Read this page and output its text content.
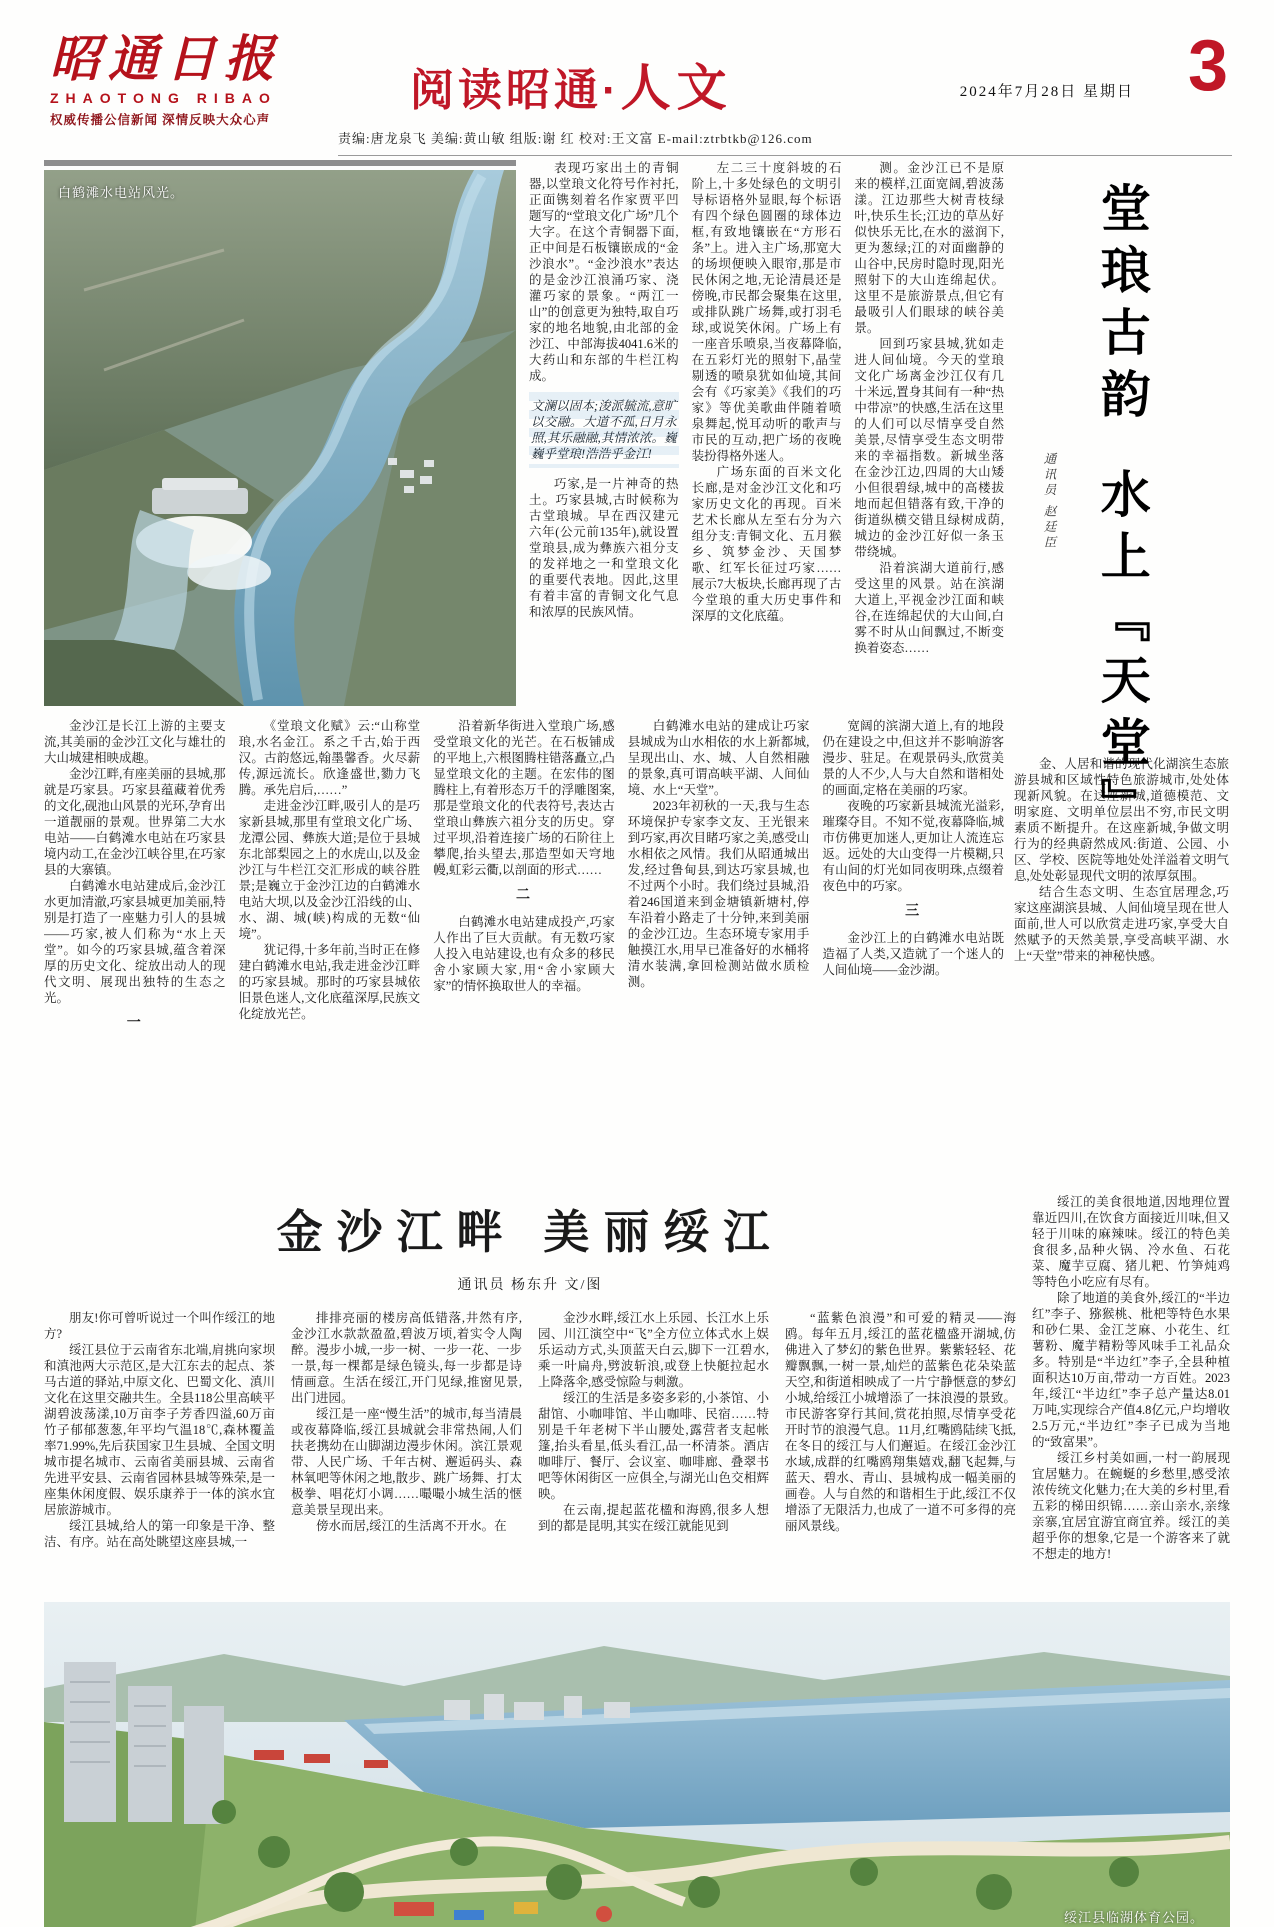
昭通日报
ZHAOTONG RIBAO
权威传播公信新闻 深情反映大众心声
阅读昭通·人文	2024年7月28日 星期日 3
责编:唐龙泉飞 美编:黄山敏 组版:谢 红 校对:王文富 E-mail:ztrbtkb@126.com
白鹤滩水电站风光。

表现巧家出土的青铜器,以堂琅文化符号作衬托,正面镌刻着名作家贾平凹题写的“堂琅文化广场”几个大字。在这个青铜器下面,正中间是石板镶嵌成的“金沙浪水”。“金沙浪水”表达的是金沙江浪涌巧家、浇灌巧家的景象。“两江一山”的创意更为独特,取自巧家的地名地貌,由北部的金沙江、中部海拔4041.6米的大药山和东部的牛栏江构成。

文澜以固本;浚派毓流,意旷以交融。大道不孤,日月永照,其乐融融,其情浓浓。巍巍乎堂琅!浩浩乎金江!

巧家,是一片神奇的热土。巧家县城,古时候称为古堂琅城。早在西汉建元六年(公元前135年),就设置堂琅县,成为彝族六祖分支的发祥地之一和堂琅文化的重要代表地。因此,这里有着丰富的青铜文化气息和浓厚的民族风情。

左二三十度斜坡的石阶上,十多处绿色的文明引导标语格外显眼,每个标语有四个绿色圆圈的球体边框,有致地镶嵌在“方形石条”上。进入主广场,那宽大的场坝便映入眼帘,那是市民休闲之地,无论清晨还是傍晚,市民都会聚集在这里,或排队跳广场舞,或打羽毛球,或说笑休闲。广场上有一座音乐喷泉,当夜幕降临,在五彩灯光的照射下,晶莹剔透的喷泉犹如仙境,其间会有《巧家美》《我们的巧家》等优美歌曲伴随着喷泉舞起,悦耳动听的歌声与市民的互动,把广场的夜晚装扮得格外迷人。

广场东面的百米文化长廊,是对金沙江文化和巧家历史文化的再现。百米艺术长廊从左至右分为六组分支:青铜文化、五月猴乡、筑梦金沙、天国梦歌、红军长征过巧家……展示7大板块,长廊再现了古今堂琅的重大历史事件和深厚的文化底蕴。

测。金沙江已不是原来的模样,江面宽阔,碧波荡漾。江边那些大树青枝绿叶,快乐生长;江边的草丛好似快乐无比,在水的滋润下,更为葱绿;江的对面幽静的山谷中,民房时隐时现,阳光照射下的大山连绵起伏。这里不是旅游景点,但它有最吸引人们眼球的峡谷美景。

回到巧家县城,犹如走进人间仙境。今天的堂琅文化广场离金沙江仅有几十米远,置身其间有一种“热中带凉”的快感,生活在这里的人们可以尽情享受自然美景,尽情享受生态文明带来的幸福指数。新城坐落在金沙江边,四周的大山矮小但很碧绿,城中的高楼拔地而起但错落有致,干净的街道纵横交错且绿树成荫,城边的金沙江好似一条玉带绕城。

沿着滨湖大道前行,感受这里的风景。站在滨湖大道上,平视金沙江面和峡谷,在连绵起伏的大山间,白雾不时从山间飘过,不断变换着姿态……

金沙江是长江上游的主要支流,其美丽的金沙江文化与雄壮的大山城建相映成趣。

金沙江畔,有座美丽的县城,那就是巧家县。巧家县蕴藏着优秀的文化,砚池山风景的光环,孕育出一道靓丽的景观。世界第二大水电站——白鹤滩水电站在巧家县境内动工,在金沙江峡谷里,在巧家县的大寨镇。

白鹤滩水电站建成后,金沙江水更加清澈,巧家县城更加美丽,特别是打造了一座魅力引人的县城——巧家,被人们称为“水上天堂”。如今的巧家县城,蕴含着深厚的历史文化、绽放出动人的现代文明、展现出独特的生态之光。

一

《堂琅文化赋》云:“山称堂琅,水名金江。系之千古,始于西汉。古韵悠远,翰墨馨香。火尽薪传,源远流长。欣逢盛世,勠力飞腾。承先启后,……”

走进金沙江畔,吸引人的是巧家新县城,那里有堂琅文化广场、龙潭公园、彝族大道;是位于县城东北部梨园之上的水虎山,以及金沙江与牛栏江交汇形成的峡谷胜景;是巍立于金沙江边的白鹤滩水电站大坝,以及金沙江沿线的山、水、湖、城(峡)构成的无数“仙境”。

犹记得,十多年前,当时正在修建白鹤滩水电站,我走进金沙江畔的巧家县城。那时的巧家县城依旧景色迷人,文化底蕴深厚,民族文化绽放光芒。

沿着新华街进入堂琅广场,感受堂琅文化的光芒。在石板铺成的平地上,六根图腾柱错落矗立,凸显堂琅文化的主题。在宏伟的图腾柱上,有着形态万千的浮雕图案,那是堂琅文化的代表符号,表达古堂琅山彝族六祖分支的历史。穿过平坝,沿着连接广场的石阶往上攀爬,抬头望去,那造型如天穹地幔,虹彩云衢,以剖面的形式……

二

白鹤滩水电站建成投产,巧家人作出了巨大贡献。有无数巧家人投入电站建设,也有众多的移民舍小家顾大家,用“舍小家顾大家”的情怀换取世人的幸福。

白鹤滩水电站的建成让巧家县城成为山水相依的水上新都城,呈现出山、水、城、人自然相融的景象,真可谓高峡平湖、人间仙境、水上“天堂”。

2023年初秋的一天,我与生态环境保护专家李文友、王光银来到巧家,再次目睹巧家之美,感受山水相依之风情。我们从昭通城出发,经过鲁甸县,到达巧家县城,也不过两个小时。我们绕过县城,沿着246国道来到金塘镇新塘村,停车沿着小路走了十分钟,来到美丽的金沙江边。生态环境专家用手触摸江水,用早已准备好的水桶将清水装满,拿回检测站做水质检测。

宽阔的滨湖大道上,有的地段仍在建设之中,但这并不影响游客漫步、驻足。在观景码头,欣赏美景的人不少,人与大自然和谐相处的画面,定格在美丽的巧家。

夜晚的巧家新县城流光溢彩,璀璨夺目。不知不觉,夜幕降临,城市仿佛更加迷人,更加让人流连忘返。远处的大山变得一片模糊,只有山间的灯光如同夜明珠,点缀着夜色中的巧家。

三

金沙江上的白鹤滩水电站既造福了人类,又造就了一个迷人的人间仙境——金沙湖。

堂琅古韵
水上﹃天堂﹄
通讯员 赵廷臣

金、人居和谐的现代化湖滨生态旅游县城和区域性特色旅游城市,处处体现新风貌。在这座新城,道德模范、文明家庭、文明单位层出不穷,市民文明素质不断提升。在这座新城,争做文明行为的经典蔚然成风:街道、公园、小区、学校、医院等地处处洋溢着文明气息,处处彰显现代文明的浓厚氛围。

结合生态文明、生态宜居理念,巧家这座湖滨县城、人间仙境呈现在世人面前,世人可以欣赏走进巧家,享受大自然赋予的天然美景,享受高峡平湖、水上“天堂”带来的神秘快感。

金沙江畔 美丽绥江
通讯员 杨东升 文/图

朋友!你可曾听说过一个叫作绥江的地方?

绥江县位于云南省东北端,肩挑向家坝和滇池两大示范区,是大江东去的起点、茶马古道的驿站,中原文化、巴蜀文化、滇川文化在这里交融共生。全县118公里高峡平湖碧波荡漾,10万亩李子芳香四溢,60万亩竹子郁郁葱葱,年平均气温18℃,森林覆盖率71.99%,先后获国家卫生县城、全国文明城市提名城市、云南省美丽县城、云南省先进平安县、云南省园林县城等殊荣,是一座集休闲度假、娱乐康养于一体的滨水宜居旅游城市。

绥江县城,给人的第一印象是干净、整洁、有序。站在高处眺望这座县城,一

排排亮丽的楼房高低错落,井然有序,金沙江水款款盈盈,碧波万顷,着实令人陶醉。漫步小城,一步一树、一步一花、一步一景,每一棵都是绿色镜头,每一步都是诗情画意。生活在绥江,开门见绿,推窗见景,出门进园。

绥江是一座“慢生活”的城市,每当清晨或夜幕降临,绥江县城就会非常热闹,人们扶老携幼在山脚湖边漫步休闲。滨江景观带、人民广场、千年古树、邂逅码头、森林氧吧等休闲之地,散步、跳广场舞、打太极拳、唱花灯小调……嘬嘬小城生活的惬意美景呈现出来。

傍水而居,绥江的生活离不开水。在

金沙水畔,绥江水上乐园、长江水上乐园、川江演空中“飞”全方位立体式水上娱乐运动方式,头顶蓝天白云,脚下一江碧水,乘一叶扁舟,劈波斩浪,或登上快艇拉起水上降落伞,感受惊险与刺激。

绥江的生活是多姿多彩的,小茶馆、小甜馆、小咖啡馆、半山咖啡、民宿……特别是千年老树下半山腰处,露营者支起帐篷,抬头看星,低头看江,品一杯清茶。酒店咖啡厅、餐厅、会议室、咖啡廊、叠翠书吧等休闲街区一应俱全,与湖光山色交相辉映。

在云南,提起蓝花楹和海鸥,很多人想到的都是昆明,其实在绥江就能见到

“蓝紫色浪漫”和可爱的精灵——海鸥。每年五月,绥江的蓝花楹盛开湖城,仿佛进入了梦幻的紫色世界。紫紫轻轻、花瓣飘飘,一树一景,灿烂的蓝紫色花朵染蓝天空,和街道相映成了一片宁静惬意的梦幻小城,给绥江小城增添了一抹浪漫的景致。市民游客穿行其间,赏花拍照,尽情享受花开时节的浪漫气息。11月,红嘴鸥陆续飞抵,在冬日的绥江与人们邂逅。在绥江金沙江水域,成群的红嘴鸥翔集嬉戏,翻飞起舞,与蓝天、碧水、青山、县城构成一幅美丽的画卷。人与自然的和谐相生于此,绥江不仅增添了无限活力,也成了一道不可多得的亮丽风景线。

绥江的美食很地道,因地理位置靠近四川,在饮食方面接近川味,但又轻于川味的麻辣味。绥江的特色美食很多,品种火锅、冷水鱼、石花菜、魔芋豆腐、猪儿粑、竹笋炖鸡等特色小吃应有尽有。

除了地道的美食外,绥江的“半边红”李子、猕猴桃、枇杷等特色水果和砂仁果、金江芝麻、小花生、红薯粉、魔芋精粉等风味手工礼品众多。特别是“半边红”李子,全县种植面积达10万亩,带动一方百姓。2023年,绥江“半边红”李子总产量达8.01万吨,实现综合产值4.8亿元,户均增收2.5万元,“半边红”李子已成为当地的“致富果”。

绥江乡村美如画,一村一韵展现宜居魅力。在蜿蜒的乡愁里,感受浓浓传统文化魅力;在大美的乡村里,看五彩的梯田织锦……亲山亲水,亲缘亲寨,宜居宜游宜商宜养。绥江的美超乎你的想象,它是一个游客来了就不想走的地方!

绥江县临湖体育公园。
